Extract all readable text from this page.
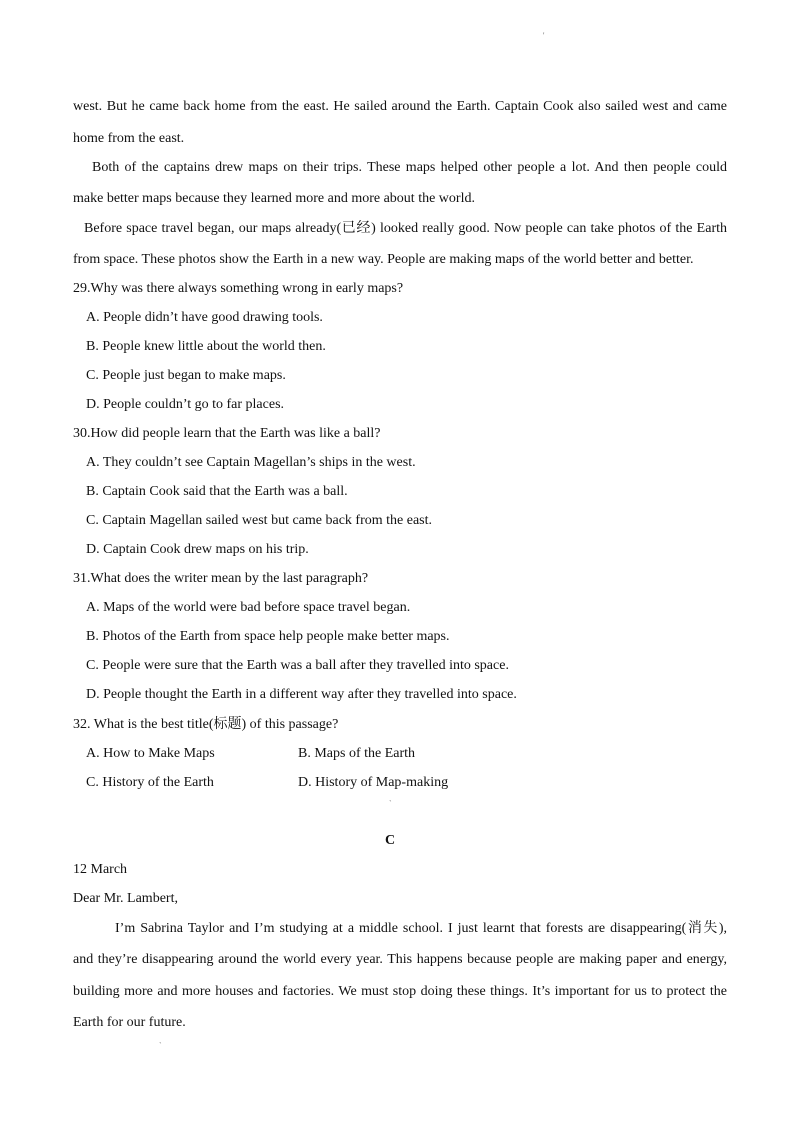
'
west. But he came back home from the east. He sailed around the Earth. Captain Cook also sailed west and came
home from the east.
Both of the captains drew maps on their trips. These maps helped other people a lot. And then people could
make better maps because they learned more and more about the world.
Before space travel began, our maps already(已经) looked really good. Now people can take photos of the Earth
from space. These photos show the Earth in a new way. People are making maps of the world better and better.
29.Why was there always something wrong in early maps?
A. People didn’t have good drawing tools.
B. People knew little about the world then.
C. People just began to make maps.
D. People couldn’t go to far places.
30.How did people learn that the Earth was like a ball?
A. They couldn’t see Captain Magellan’s ships in the west.
B. Captain Cook said that the Earth was a ball.
C. Captain Magellan sailed west but came back from the east.
D. Captain Cook drew maps on his trip.
31.What does the writer mean by the last paragraph?
A. Maps of the world were bad before space travel began.
B. Photos of the Earth from space help people make better maps.
C. People were sure that the Earth was a ball after they travelled into space.
D. People thought the Earth in a different way after they travelled into space.
32. What is the best title(标题) of this passage?
A. How to Make Maps	B. Maps of the Earth
C. History of the Earth	D. History of Map-making
`
C
12 March
Dear Mr. Lambert,
I’m Sabrina Taylor and I’m studying at a middle school. I just learnt that forests are disappearing(消失),
and they’re disappearing around the world every year. This happens because people are making paper and energy,
building more and more houses and factories. We must stop doing these things. It’s important for us to protect the
Earth for our future.
`
